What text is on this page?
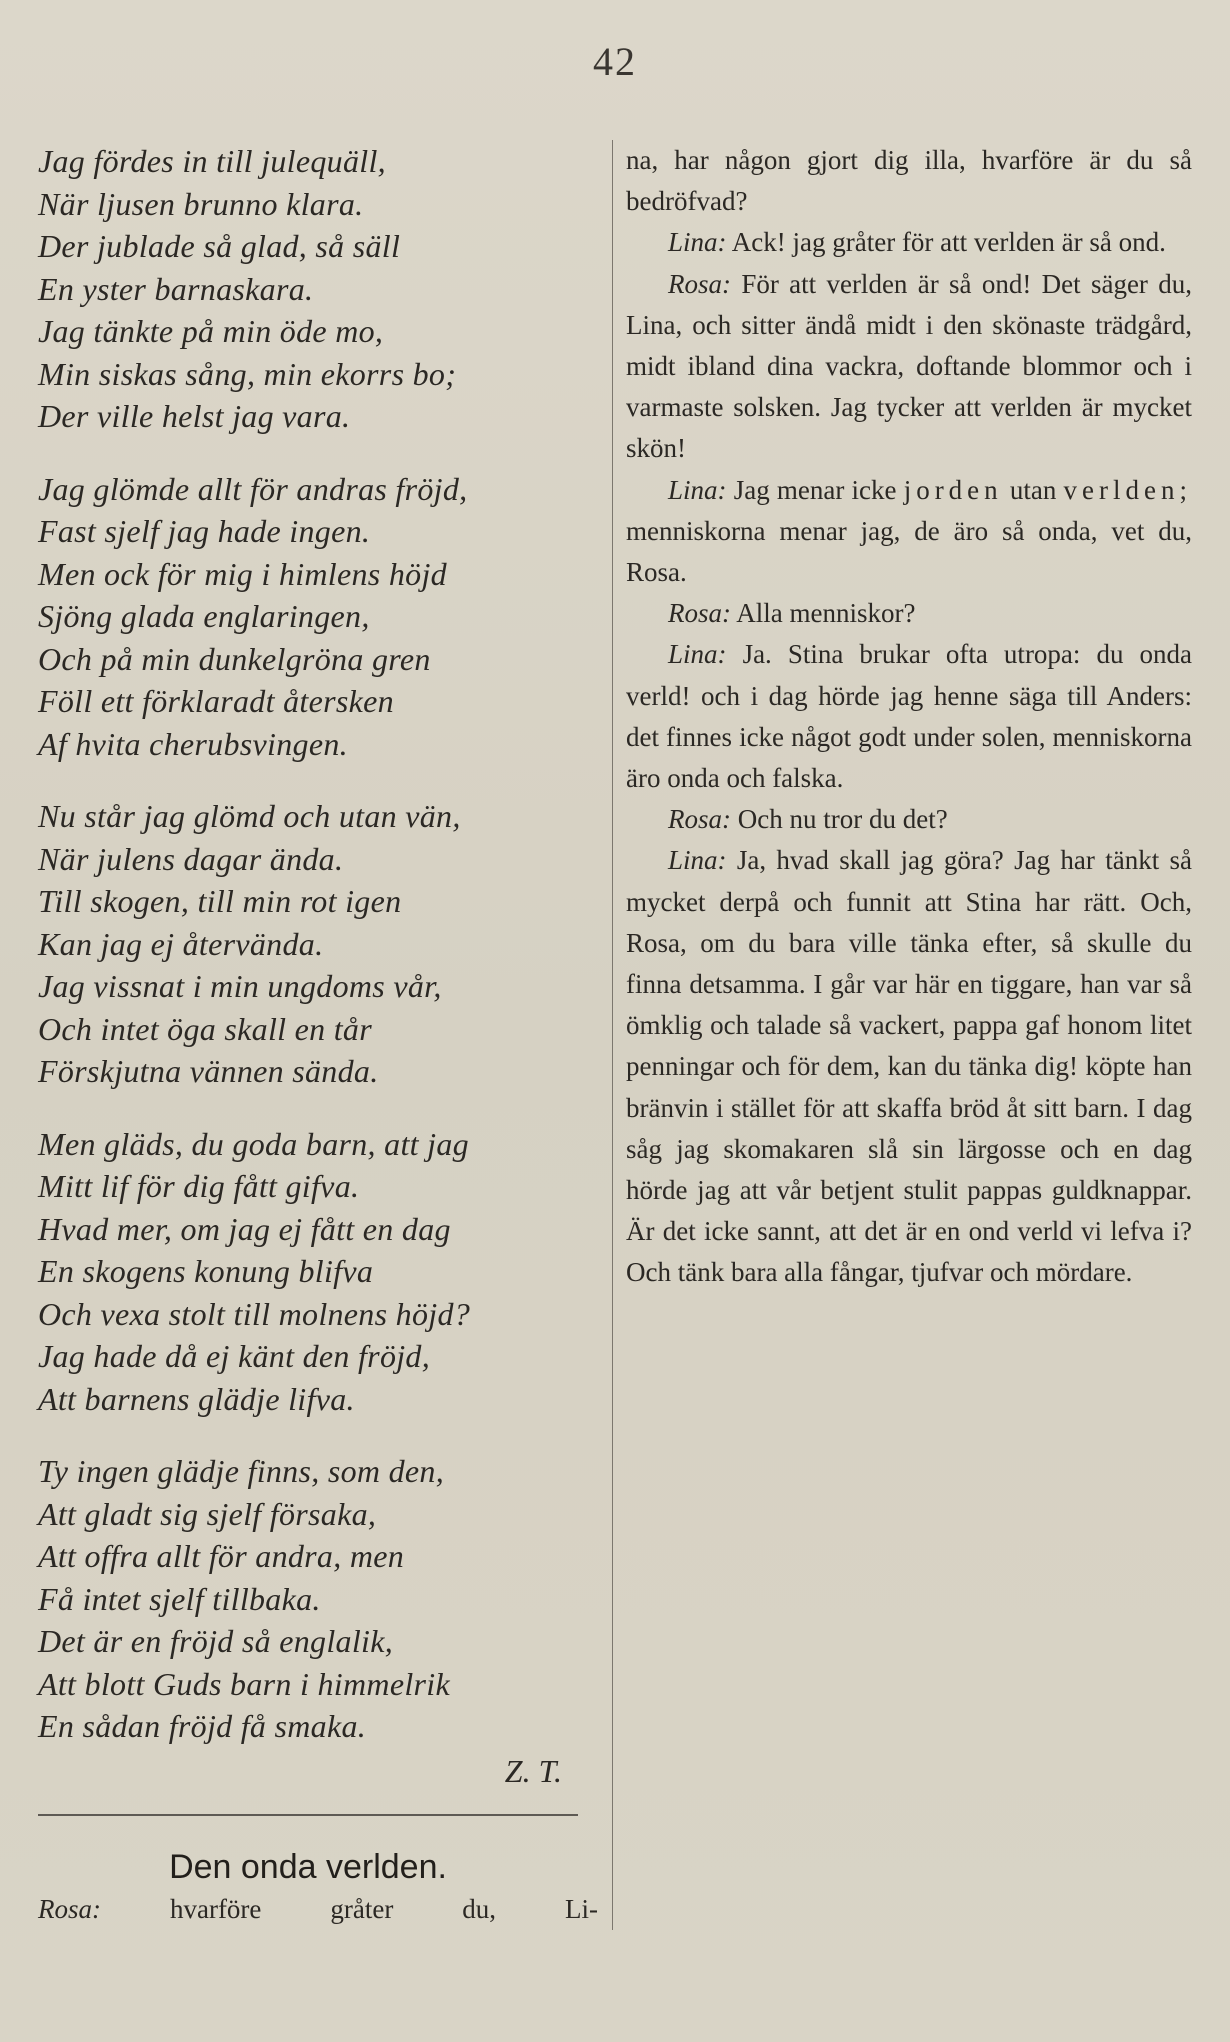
42
Jag fördes in till julequäll,
När ljusen brunno klara.
Der jublade så glad, så säll
En yster barnaskara.
Jag tänkte på min öde mo,
Min siskas sång, min ekorrs bo;
Der ville helst jag vara.
Jag glömde allt för andras fröjd,
Fast sjelf jag hade ingen.
Men ock för mig i himlens höjd
Sjöng glada englaringen,
Och på min dunkelgröna gren
Föll ett förklaradt återsken
Af hvita cherubsvingen.
Nu står jag glömd och utan vän,
När julens dagar ända.
Till skogen, till min rot igen
Kan jag ej återvända.
Jag vissnat i min ungdoms vår,
Och intet öga skall en tår
Förskjutna vännen sända.
Men gläds, du goda barn, att jag
Mitt lif för dig fått gifva.
Hvad mer, om jag ej fått en dag
En skogens konung blifva
Och vexa stolt till molnens höjd?
Jag hade då ej känt den fröjd,
Att barnens glädje lifva.
Ty ingen glädje finns, som den,
Att gladt sig sjelf försaka,
Att offra allt för andra, men
Få intet sjelf tillbaka.
Det är en fröjd så englalik,
Att blott Guds barn i himmelrik
En sådan fröjd få smaka.
Z. T.
Den onda verlden.
Rosa:	hvarföre gråter du, Li-

na, har någon gjort dig illa, hvarföre är du så bedröfvad?

Lina: Ack! jag gråter för att verlden är så ond.

Rosa: För att verlden är så ond! Det säger du, Lina, och sitter ändå midt i den skönaste trädgård, midt ibland dina vackra, doftande blommor och i varmaste solsken. Jag tycker att verlden är mycket skön!

Lina: Jag menar icke jorden utan verlden; menniskorna menar jag, de äro så onda, vet du, Rosa.

Rosa: Alla menniskor?

Lina: Ja. Stina brukar ofta utropa: du onda verld! och i dag hörde jag henne säga till Anders: det finnes icke något godt under solen, menniskorna äro onda och falska.

Rosa: Och nu tror du det?

Lina: Ja, hvad skall jag göra? Jag har tänkt så mycket derpå och funnit att Stina har rätt. Och, Rosa, om du bara ville tänka efter, så skulle du finna detsamma. I går var här en tiggare, han var så ömklig och talade så vackert, pappa gaf honom litet penningar och för dem, kan du tänka dig! köpte han bränvin i stället för att skaffa bröd åt sitt barn. I dag såg jag skomakaren slå sin lärgosse och en dag hörde jag att vår betjent stulit pappas guldknappar. Är det icke sannt, att det är en ond verld vi lefva i? Och tänk bara alla fångar, tjufvar och mördare.
